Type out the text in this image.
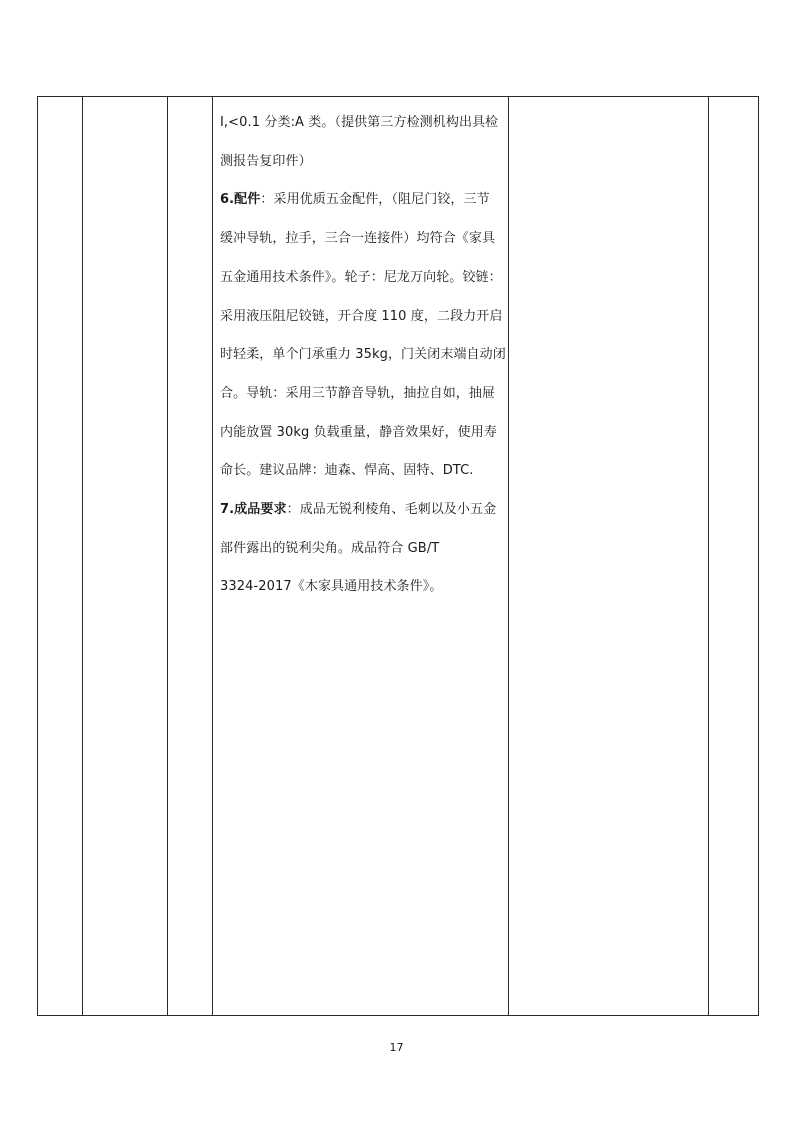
I,<0.1 分类:A 类。（提供第三方检测机构出具检

测报告复印件）

6.配件：采用优质五金配件，（阻尼门铰，三节

缓冲导轨，拉手，三合一连接件）均符合《家具

五金通用技术条件》。轮子：尼龙万向轮。铰链：

采用液压阻尼铰链，开合度 110 度，二段力开启

时轻柔，单个门承重力 35kg，门关闭末端自动闭

合。导轨：采用三节静音导轨，抽拉自如，抽屉

内能放置 30kg 负载重量，静音效果好，使用寿

命长。建议品牌：迪森、悍高、固特、DTC.

7.成品要求：成品无锐利棱角、毛刺以及小五金

部件露出的锐利尖角。成品符合 GB/T

3324-2017《木家具通用技术条件》。

17
